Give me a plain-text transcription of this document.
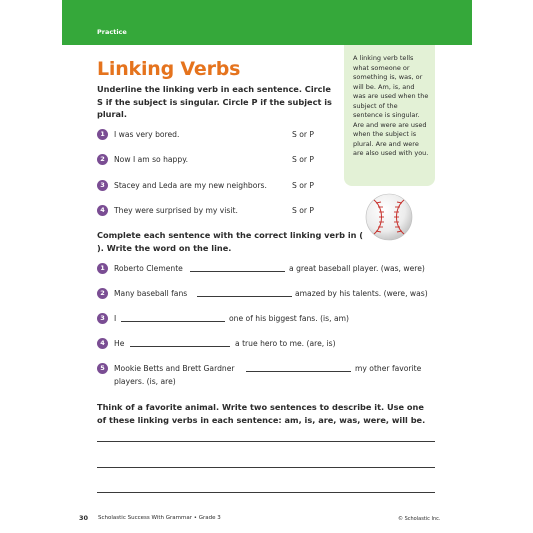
Practice
Linking Verbs
Underline the linking verb in each sentence. Circle S if the subject is singular. Circle P if the subject is plural.
A linking verb tells what someone or something is, was, or will be. Am, is, and was are used when the subject of the sentence is singular. Are and were are used when the subject is plural. Are and were are also used with you.
1	I was very bored.	S or P
2	Now I am so happy.	S or P
3	Stacey and Leda are my new neighbors.	S or P
4	They were surprised by my visit.	S or P
Complete each sentence with the correct linking verb in ( ). Write the word on the line.
1	Roberto Clemente	a great baseball player. (was, were)
2	Many baseball fans	amazed by his talents. (were, was)
3	I	one of his biggest fans. (is, am)
4	He	a true hero to me. (are, is)
5	Mookie Betts and Brett Gardner	my other favorite
players. (is, are)
Think of a favorite animal. Write two sentences to describe it. Use one of these linking verbs in each sentence: am, is, are, was, were, will be.
30 Scholastic Success With Grammar • Grade 3	© Scholastic Inc.
